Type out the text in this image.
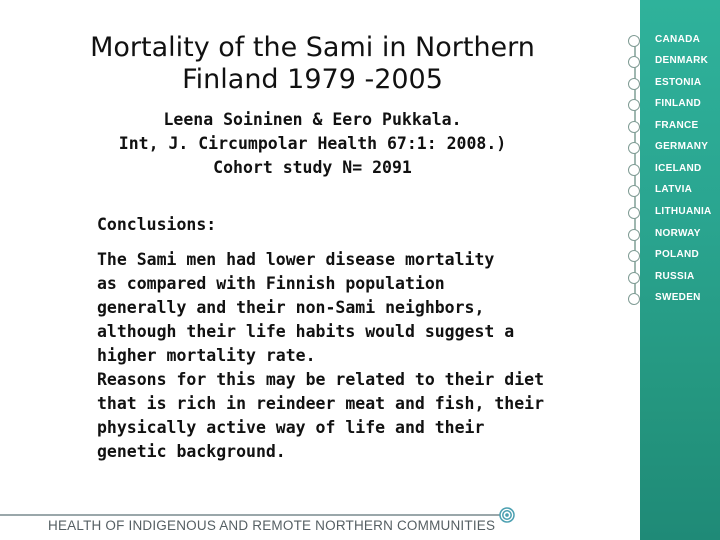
Mortality of the Sami in Northern
Finland 1979 -2005
Leena Soininen & Eero Pukkala.
Int, J. Circumpolar Health 67:1: 2008.)
Cohort study N= 2091
Conclusions:
The Sami men had lower disease mortality
as compared with Finnish population
generally and their non-Sami neighbors,
although their life habits would suggest a
higher mortality rate.
Reasons for this may be related to their diet
that is rich in reindeer meat and fish, their
physically active way of life and their
genetic background.
CANADA
DENMARK
ESTONIA
FINLAND
FRANCE
GERMANY
ICELAND
LATVIA
LITHUANIA
NORWAY
POLAND
RUSSIA
SWEDEN
HEALTH OF INDIGENOUS AND REMOTE NORTHERN COMMUNITIES
